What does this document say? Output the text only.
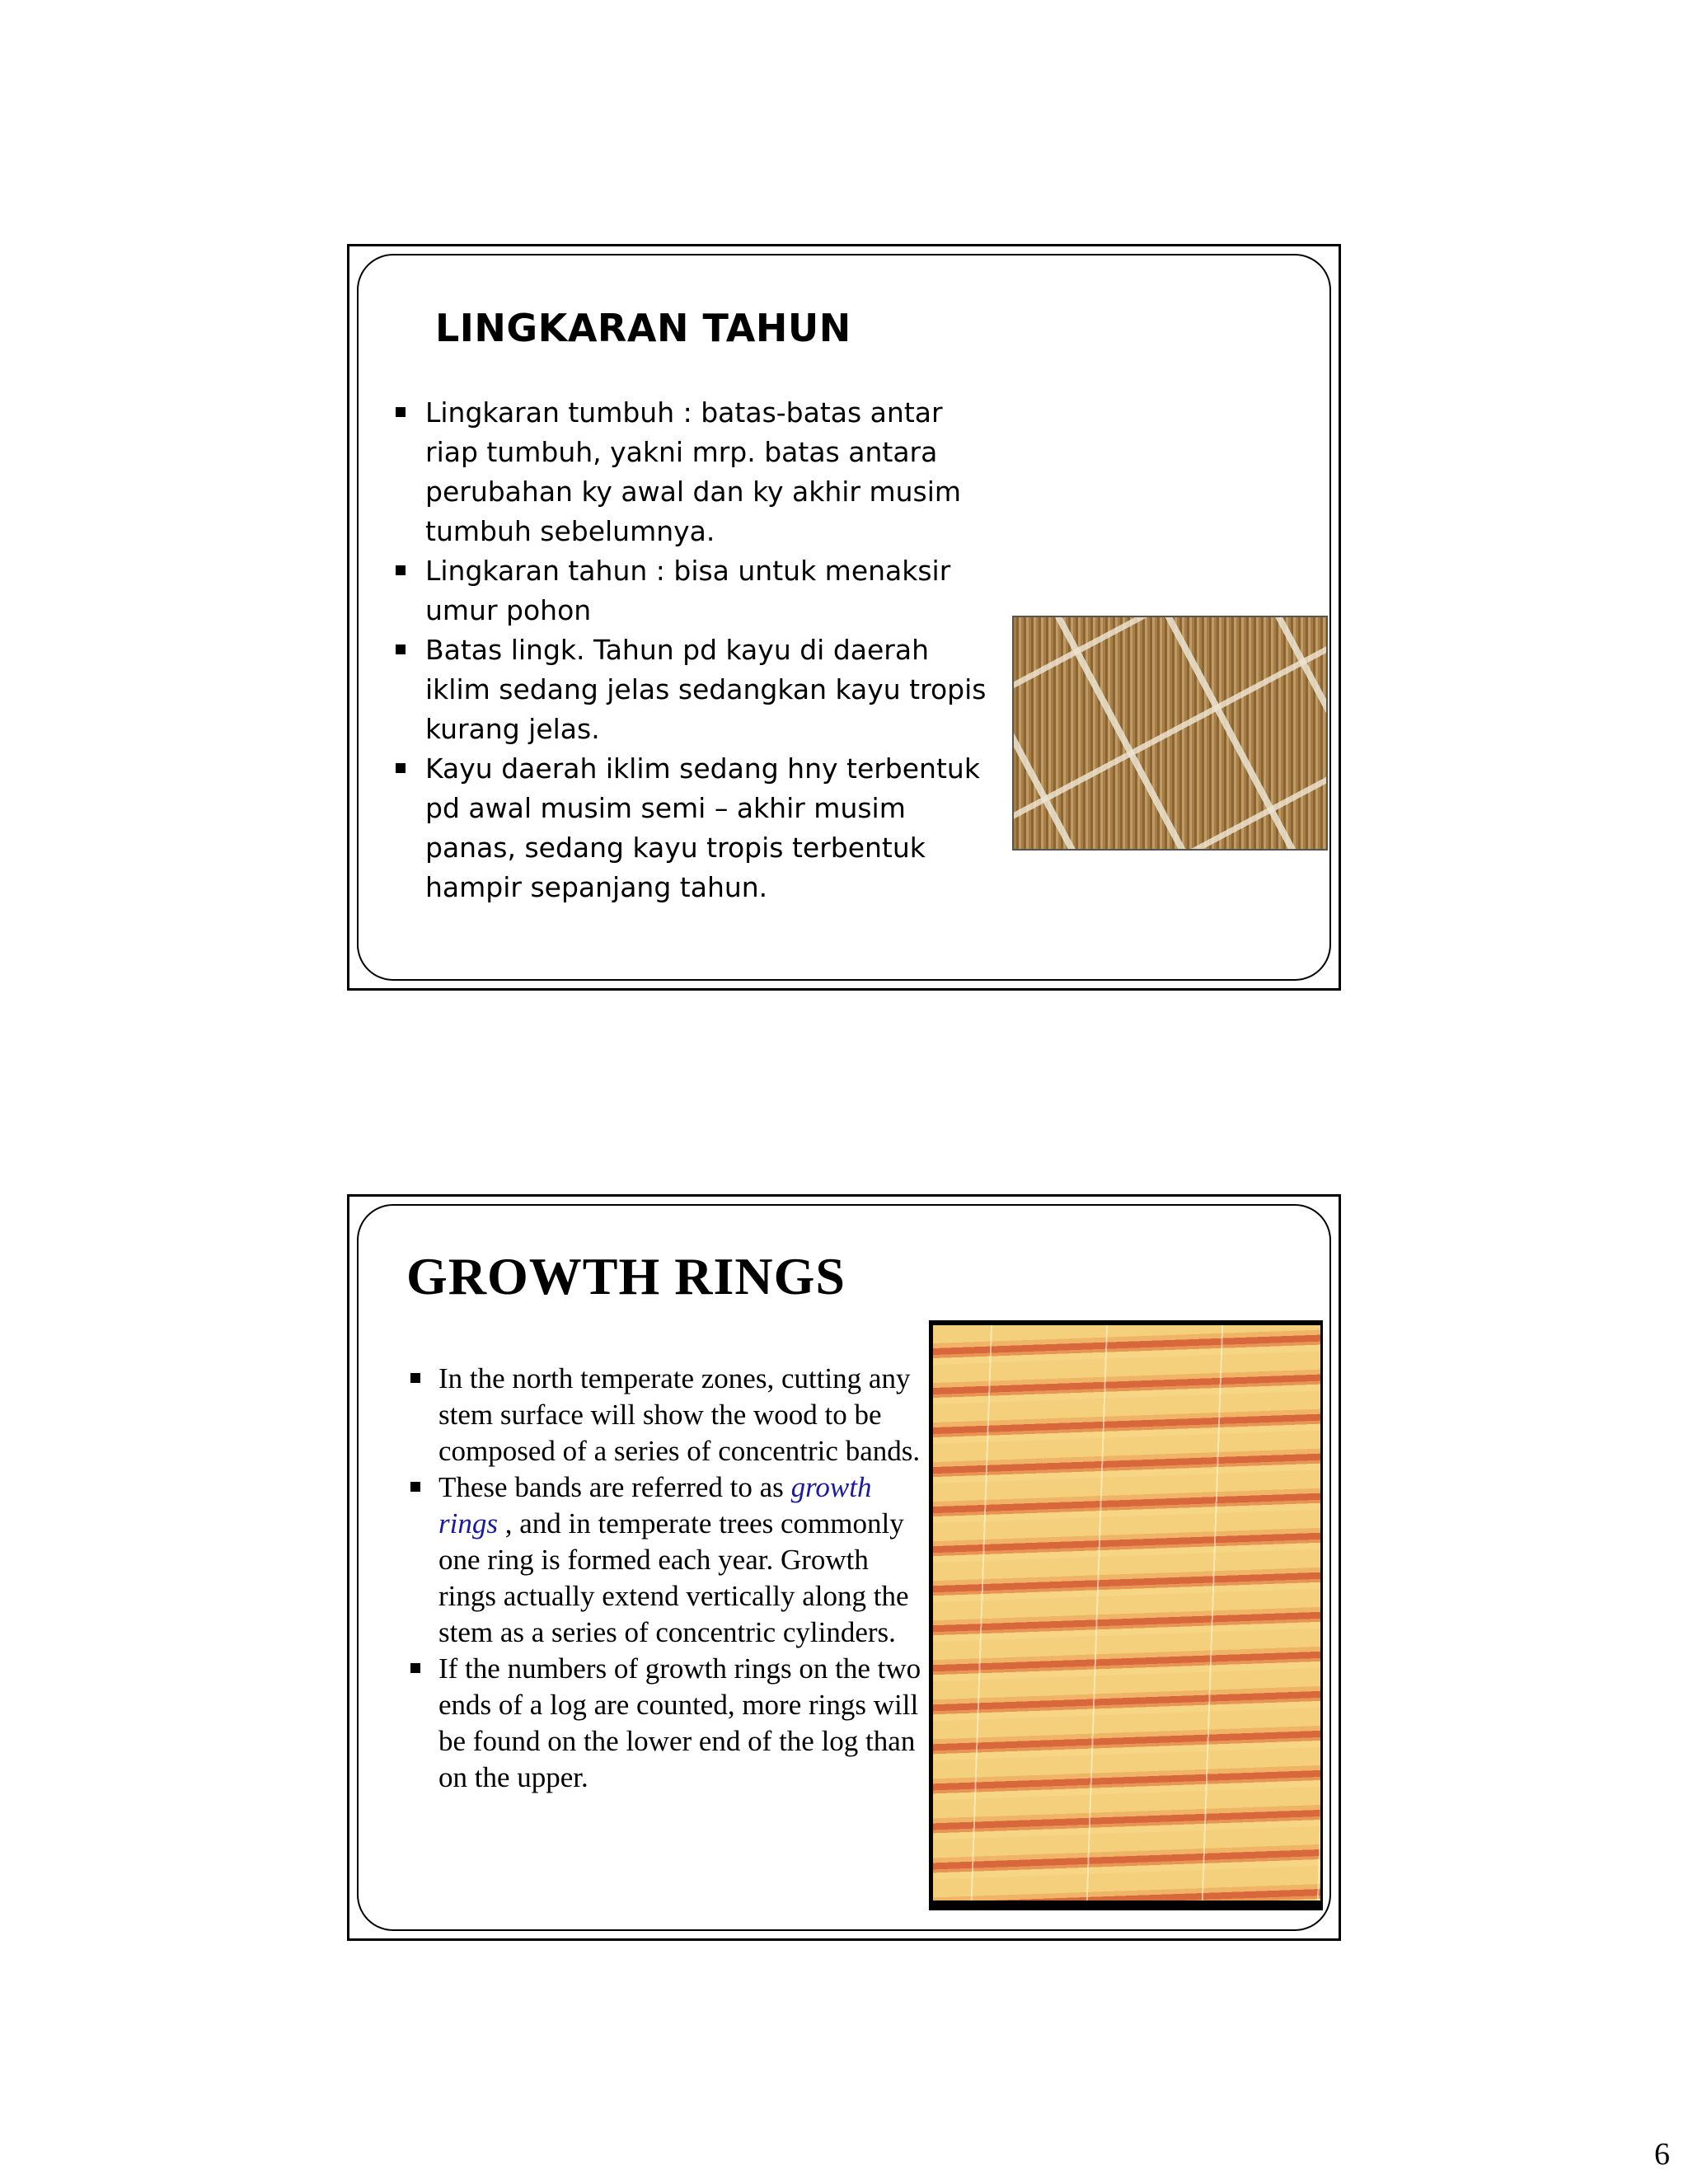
LINGKARAN TAHUN
Lingkaran tumbuh : batas-batas antar riap tumbuh, yakni mrp. batas antara perubahan ky awal dan ky akhir musim tumbuh sebelumnya.
Lingkaran tahun : bisa untuk menaksir umur pohon
Batas lingk. Tahun pd kayu di daerah iklim sedang jelas sedangkan kayu tropis kurang jelas.
Kayu daerah iklim sedang hny terbentuk pd awal musim semi – akhir musim panas, sedang kayu tropis terbentuk hampir sepanjang tahun.
GROWTH RINGS
In the north temperate zones, cutting any stem surface will show the wood to be composed of a series of concentric bands.
These bands are referred to as growth rings , and in temperate trees commonly one ring is formed each year. Growth rings actually extend vertically along the stem as a series of concentric cylinders.
If the numbers of growth rings on the two ends of a log are counted, more rings will be found on the lower end of the log than on the upper.
6
